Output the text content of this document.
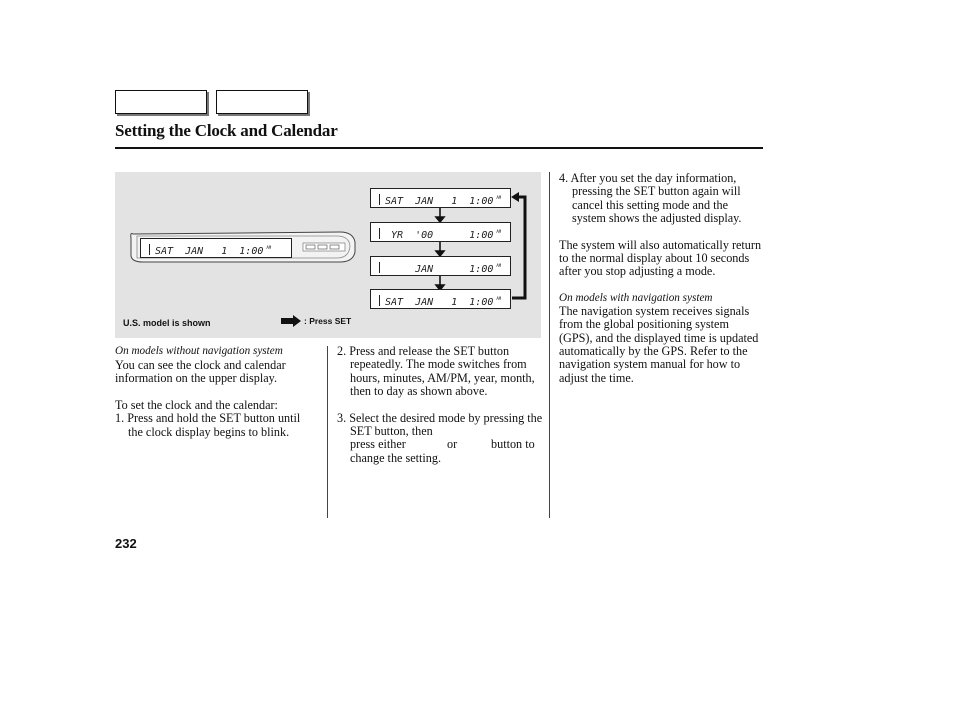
Setting the Clock and Calendar
SAT  JAN   1  1:00 $^{AM}$
SAT  JAN   1  1:00 $^{AM}$
YR  '00      1:00 $^{AM}$
JAN      1:00 $^{AM}$
SAT  JAN   1  1:00 $^{AM}$
U.S. model is shown	: Press SET
On models without navigation system
You can see the clock and calendar information on the upper display.
To set the clock and the calendar:
1. Press and hold the SET button until the clock display begins to blink.
2. Press and release the SET button repeatedly. The mode switches from hours, minutes, AM/PM, year, month, then to day as shown above.
3. Select the desired mode by pressing the SET button, then
press either	or	button to
change the setting.
4. After you set the day information, pressing the SET button again will cancel this setting mode and the system shows the adjusted display.
The system will also automatically return to the normal display about 10 seconds after you stop adjusting a mode.
On models with navigation system
The navigation system receives signals from the global positioning system (GPS), and the displayed time is updated automatically by the GPS. Refer to the navigation system manual for how to adjust the time.
232
